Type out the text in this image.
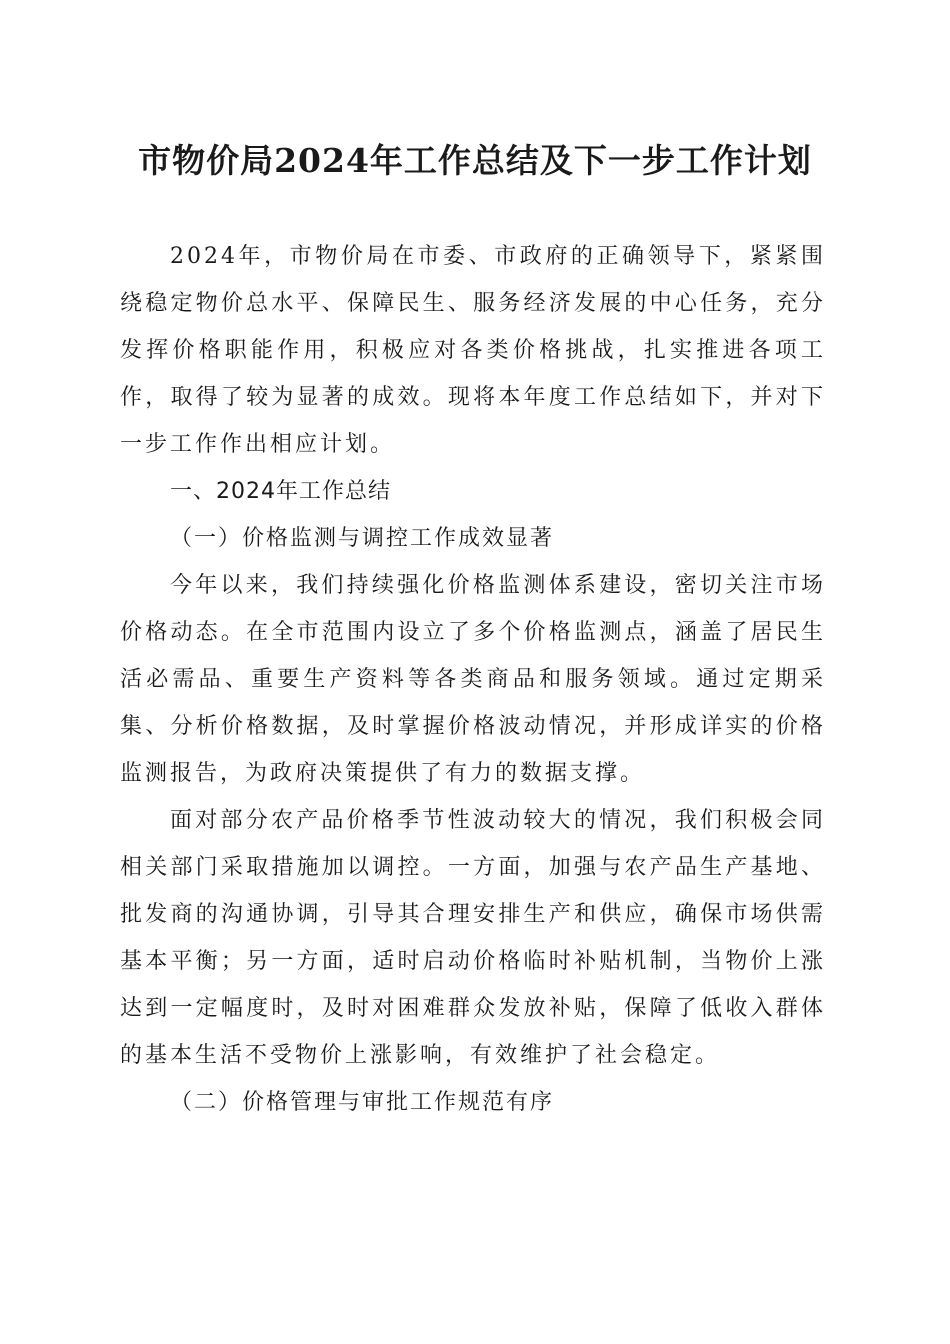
市物价局2024年工作总结及下一步工作计划

2024年，市物价局在市委、市政府的正确领导下，紧紧围绕稳定物价总水平、保障民生、服务经济发展的中心任务，充分发挥价格职能作用，积极应对各类价格挑战，扎实推进各项工作，取得了较为显著的成效。现将本年度工作总结如下，并对下一步工作作出相应计划。

一、2024年工作总结

（一）价格监测与调控工作成效显著

今年以来，我们持续强化价格监测体系建设，密切关注市场价格动态。在全市范围内设立了多个价格监测点，涵盖了居民生活必需品、重要生产资料等各类商品和服务领域。通过定期采集、分析价格数据，及时掌握价格波动情况，并形成详实的价格监测报告，为政府决策提供了有力的数据支撑。

面对部分农产品价格季节性波动较大的情况，我们积极会同相关部门采取措施加以调控。一方面，加强与农产品生产基地、批发商的沟通协调，引导其合理安排生产和供应，确保市场供需基本平衡；另一方面，适时启动价格临时补贴机制，当物价上涨达到一定幅度时，及时对困难群众发放补贴，保障了低收入群体的基本生活不受物价上涨影响，有效维护了社会稳定。

（二）价格管理与审批工作规范有序
